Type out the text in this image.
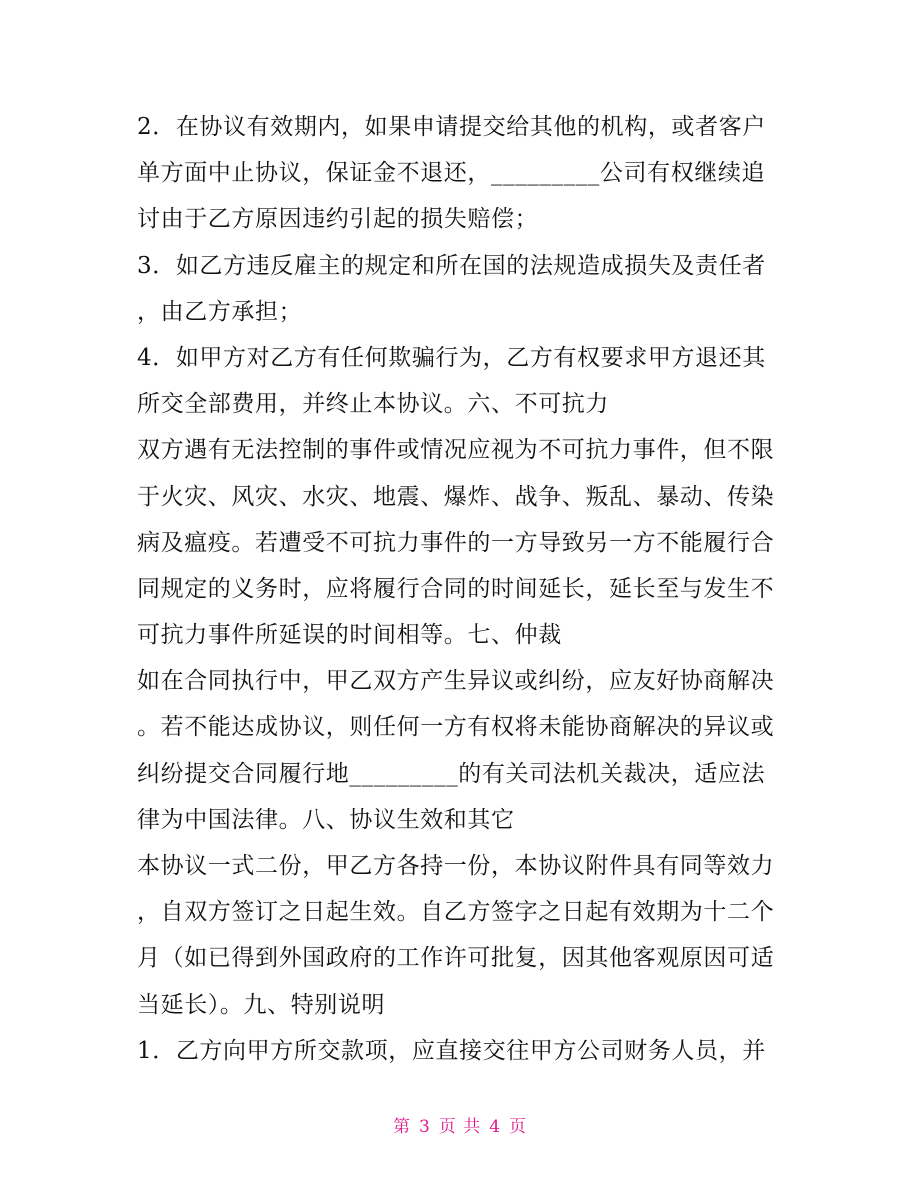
2．在协议有效期内，如果申请提交给其他的机构，或者客户
单方面中止协议，保证金不退还，_________公司有权继续追
讨由于乙方原因违约引起的损失赔偿；
3．如乙方违反雇主的规定和所在国的法规造成损失及责任者
，由乙方承担；
4．如甲方对乙方有任何欺骗行为，乙方有权要求甲方退还其
所交全部费用，并终止本协议。六、不可抗力
双方遇有无法控制的事件或情况应视为不可抗力事件，但不限
于火灾、风灾、水灾、地震、爆炸、战争、叛乱、暴动、传染
病及瘟疫。若遭受不可抗力事件的一方导致另一方不能履行合
同规定的义务时，应将履行合同的时间延长，延长至与发生不
可抗力事件所延误的时间相等。七、仲裁
如在合同执行中，甲乙双方产生异议或纠纷，应友好协商解决
。若不能达成协议，则任何一方有权将未能协商解决的异议或
纠纷提交合同履行地_________的有关司法机关裁决，适应法
律为中国法律。八、协议生效和其它
本协议一式二份，甲乙方各持一份，本协议附件具有同等效力
，自双方签订之日起生效。自乙方签字之日起有效期为十二个
月（如已得到外国政府的工作许可批复，因其他客观原因可适
当延长）。九、特别说明
1．乙方向甲方所交款项，应直接交往甲方公司财务人员，并
第 3 页 共 4 页
